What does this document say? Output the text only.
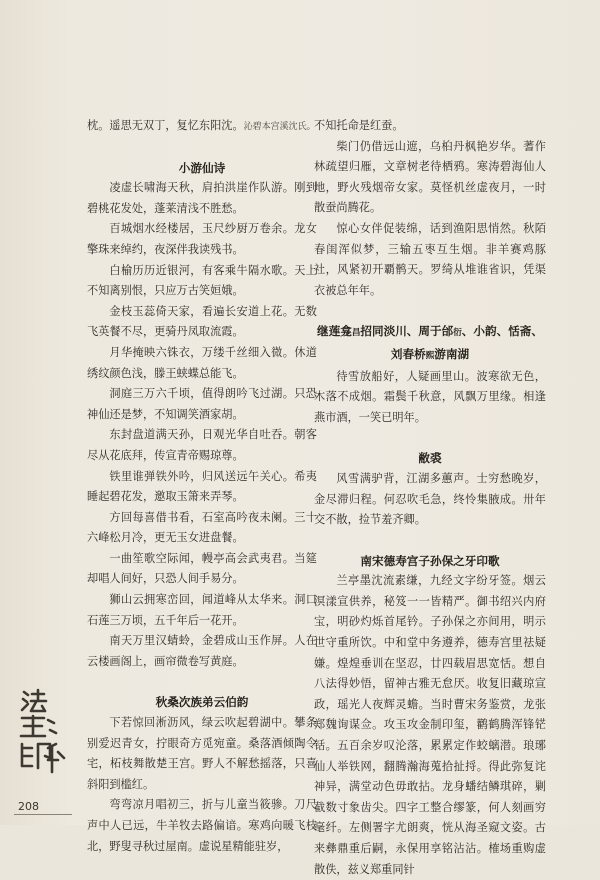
枕。遥思无双丁，复忆东阳沈。沁碧本宫溪沈氏。

小游仙诗

凌虚长啸海天秋，肩拍洪崖作队游。刚到碧桃花发处，蓬莱清浅不胜愁。

百城烟水经楼居，玉尺纱厨万卷余。龙女擎珠来绰约，夜深伴我读残书。

白榆历历近银河，有客乘牛隔水歌。天上不知离别恨，只应万古笑姮娥。

金枝玉蕊倚天家，看遍长安道上花。无数飞英餐不尽，更骑丹凤取流霞。

月华掩映六铢衣，万缕千丝细入微。休道绣纹颜色浅，滕王蛱蝶总能飞。

洞庭三万六千顷，值得朗吟飞过湖。只恐神仙还是梦，不知调笑酒家胡。

东封盘道满天孙，日观光华自吐吞。朝客尽从花底拜，传宣青帝赐琼尊。

铁里谁弹铁外吟，归风送远午关心。希夷睡起碧花发，邀取玉箫来弄琴。

方回每喜借书看，石室高吟夜未阑。三十六峰松月冷，更无玉女进盘餐。

一曲笙歌空际闻，幔亭高会武夷君。当筵却唱人间好，只恐人间手易分。

狮山云拥寒峦回，闻道峰从太华来。洞口石莲三万顷，五千年后一花开。

南天万里汉蜻蛉，金碧成山玉作屏。人在云楼画阁上，画帘微卷写黄庭。

秋桑次族弟云伯韵

下若惊回淅沥风，绿云吹起碧湖中。攀条别爱迟青女，拧眼奇方觅宛童。桑落酒倾陶令宅，柘枝舞散楚王宫。野人不解愁摇落，只喜斜阳到槛红。

弯弯凉月唱初三，折与儿童当筱骖。刀尺声中人已远，牛羊牧去路偏谙。寒鸡向暖飞枝北，野叟寻秋过屋南。虚说星精能驻岁，

不知托命是红蚕。

柴门仍借远山遮，乌桕丹枫艳岁华。蓍作林疏望归雁，文章树老待栖鸦。寒涛碧海仙人地，野火残烟帝女家。莫怪机丝虚夜月，一时散蚕尚腾花。

惊心女伴促装绵，话到渔阳思悄然。秋陌春闺浑似梦，三输五枣互生烟。非羊赛鸡豚社，风紧初开覇鹘天。罗绮从堆谁省识，凭渠衣被总年年。

继莲龛昌招同淡川、周于邰衍、小韵、恬斋、刘春桥熙游南湖

待雪放船好，人疑画里山。波寒欲无色，木落不成烟。霜鬓千秋意，风飘万里缘。相逢燕市酒，一笑已明年。

敝裘

风雪满驴背，江湖多蕙声。士穷愁晚岁，金尽滞归程。何忍吹毛急，终怜集腋成。卅年交不散，捡节羞齐卿。

南宋德寿宫子孙保之牙印歌

兰亭墨沈流素缣，九经文字纷牙签。烟云溟漾宣供养，秘笈一一皆精严。御书绍兴内府宝，明砂灼烁首尾钤。子孙保之亦间用，明示世守重所饮。中和堂中务遵养，德寿宫里祛疑嫌。煌煌垂训在坚忍，廿四载眉思宽恬。想自八法得妙悟，留神古雅无怠厌。收复旧藏琼宣政，瑶光人夜辉灵蟾。当时曹宋务鉴赏，龙张郑魏询谋佥。攻玉攻金制印玺，鹳鹤腾浑锋铓铦。五百余岁叹沦落，累累定作蛟螭潜。琅琊仙人举铁网，翻腾瀚海蒐拾扯捋。得此弥复诧神异，满堂动色毋敢拈。龙身蟠结鳞琪碎，剿截数寸象齿尖。四字工整合缪篆，何人刻画穷毫纤。左侧署字尤朗爽，恍从海圣窥文姿。古来彝鼎重后嗣，永保用享铭沾沾。榷场重购虚散佚，兹义郑重同针

208
